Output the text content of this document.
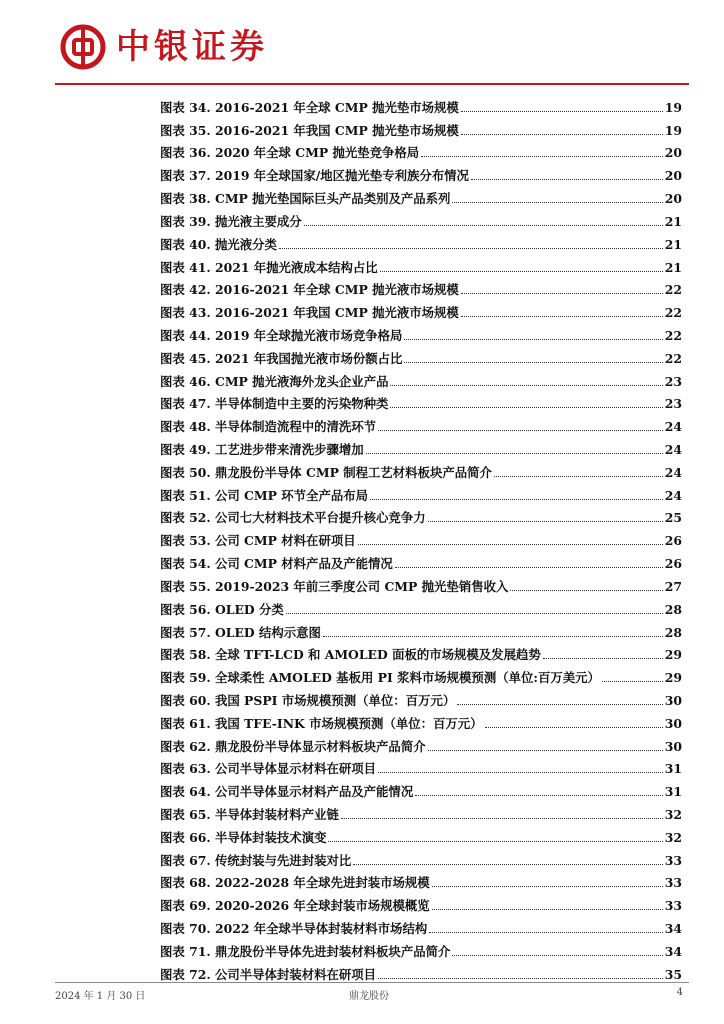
中银证券
图表 34. 2016-2021 年全球 CMP 抛光垫市场规模	19
图表 35. 2016-2021 年我国 CMP 抛光垫市场规模	19
图表 36. 2020 年全球 CMP 抛光垫竞争格局	20
图表 37. 2019 年全球国家/地区抛光垫专利族分布情况	20
图表 38. CMP 抛光垫国际巨头产品类别及产品系列	20
图表 39. 抛光液主要成分	21
图表 40. 抛光液分类	21
图表 41. 2021 年抛光液成本结构占比	21
图表 42. 2016-2021 年全球 CMP 抛光液市场规模	22
图表 43. 2016-2021 年我国 CMP 抛光液市场规模	22
图表 44. 2019 年全球抛光液市场竞争格局	22
图表 45. 2021 年我国抛光液市场份额占比	22
图表 46. CMP 抛光液海外龙头企业产品	23
图表 47. 半导体制造中主要的污染物种类	23
图表 48. 半导体制造流程中的清洗环节	24
图表 49. 工艺进步带来清洗步骤增加	24
图表 50. 鼎龙股份半导体 CMP 制程工艺材料板块产品简介	24
图表 51. 公司 CMP 环节全产品布局	24
图表 52. 公司七大材料技术平台提升核心竞争力	25
图表 53. 公司 CMP 材料在研项目	26
图表 54. 公司 CMP 材料产品及产能情况	26
图表 55. 2019-2023 年前三季度公司 CMP 抛光垫销售收入	27
图表 56. OLED 分类	28
图表 57. OLED 结构示意图	28
图表 58. 全球 TFT-LCD 和 AMOLED 面板的市场规模及发展趋势	29
图表 59. 全球柔性 AMOLED 基板用 PI 浆料市场规模预测（单位:百万美元）	29
图表 60. 我国 PSPI 市场规模预测（单位：百万元）	30
图表 61. 我国 TFE-INK 市场规模预测（单位：百万元）	30
图表 62. 鼎龙股份半导体显示材料板块产品简介	30
图表 63. 公司半导体显示材料在研项目	31
图表 64. 公司半导体显示材料产品及产能情况	31
图表 65. 半导体封装材料产业链	32
图表 66. 半导体封装技术演变	32
图表 67. 传统封装与先进封装对比	33
图表 68. 2022-2028 年全球先进封装市场规模	33
图表 69. 2020-2026 年全球封装市场规模概览	33
图表 70. 2022 年全球半导体封装材料市场结构	34
图表 71. 鼎龙股份半导体先进封装材料板块产品简介	34
图表 72. 公司半导体封装材料在研项目	35
2024 年 1 月 30 日	鼎龙股份	4
